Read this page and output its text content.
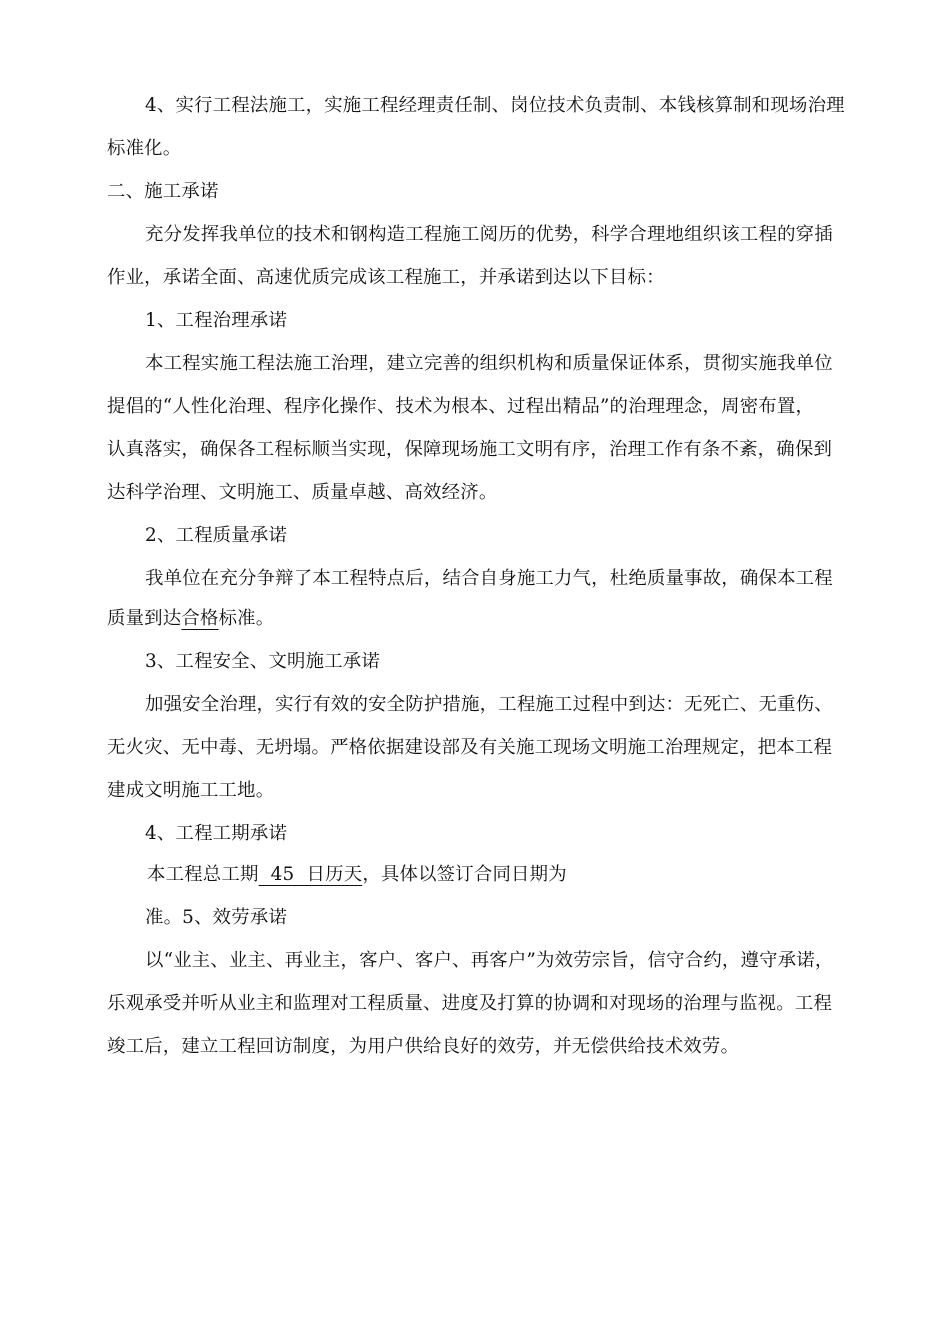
4、实行工程法施工，实施工程经理责任制、岗位技术负责制、本钱核算制和现场治理
标准化。
二、施工承诺
充分发挥我单位的技术和钢构造工程施工阅历的优势，科学合理地组织该工程的穿插
作业，承诺全面、高速优质完成该工程施工，并承诺到达以下目标：
1、工程治理承诺
本工程实施工程法施工治理，建立完善的组织机构和质量保证体系，贯彻实施我单位
提倡的“人性化治理、程序化操作、技术为根本、过程出精品”的治理理念，周密布置，
认真落实，确保各工程标顺当实现，保障现场施工文明有序，治理工作有条不紊，确保到
达科学治理、文明施工、质量卓越、高效经济。
2、工程质量承诺
我单位在充分争辩了本工程特点后，结合自身施工力气，杜绝质量事故，确保本工程
质量到达合格标准。
3、工程安全、文明施工承诺
加强安全治理，实行有效的安全防护措施，工程施工过程中到达：无死亡、无重伤、
无火灾、无中毒、无坍塌。严格依据建设部及有关施工现场文明施工治理规定，把本工程
建成文明施工工地。
4、工程工期承诺
本工程总工期  45  日历天，具体以签订合同日期为
准。5、效劳承诺
以“业主、业主、再业主，客户、客户、再客户”为效劳宗旨，信守合约，遵守承诺，
乐观承受并听从业主和监理对工程质量、进度及打算的协调和对现场的治理与监视。工程
竣工后，建立工程回访制度，为用户供给良好的效劳，并无偿供给技术效劳。
